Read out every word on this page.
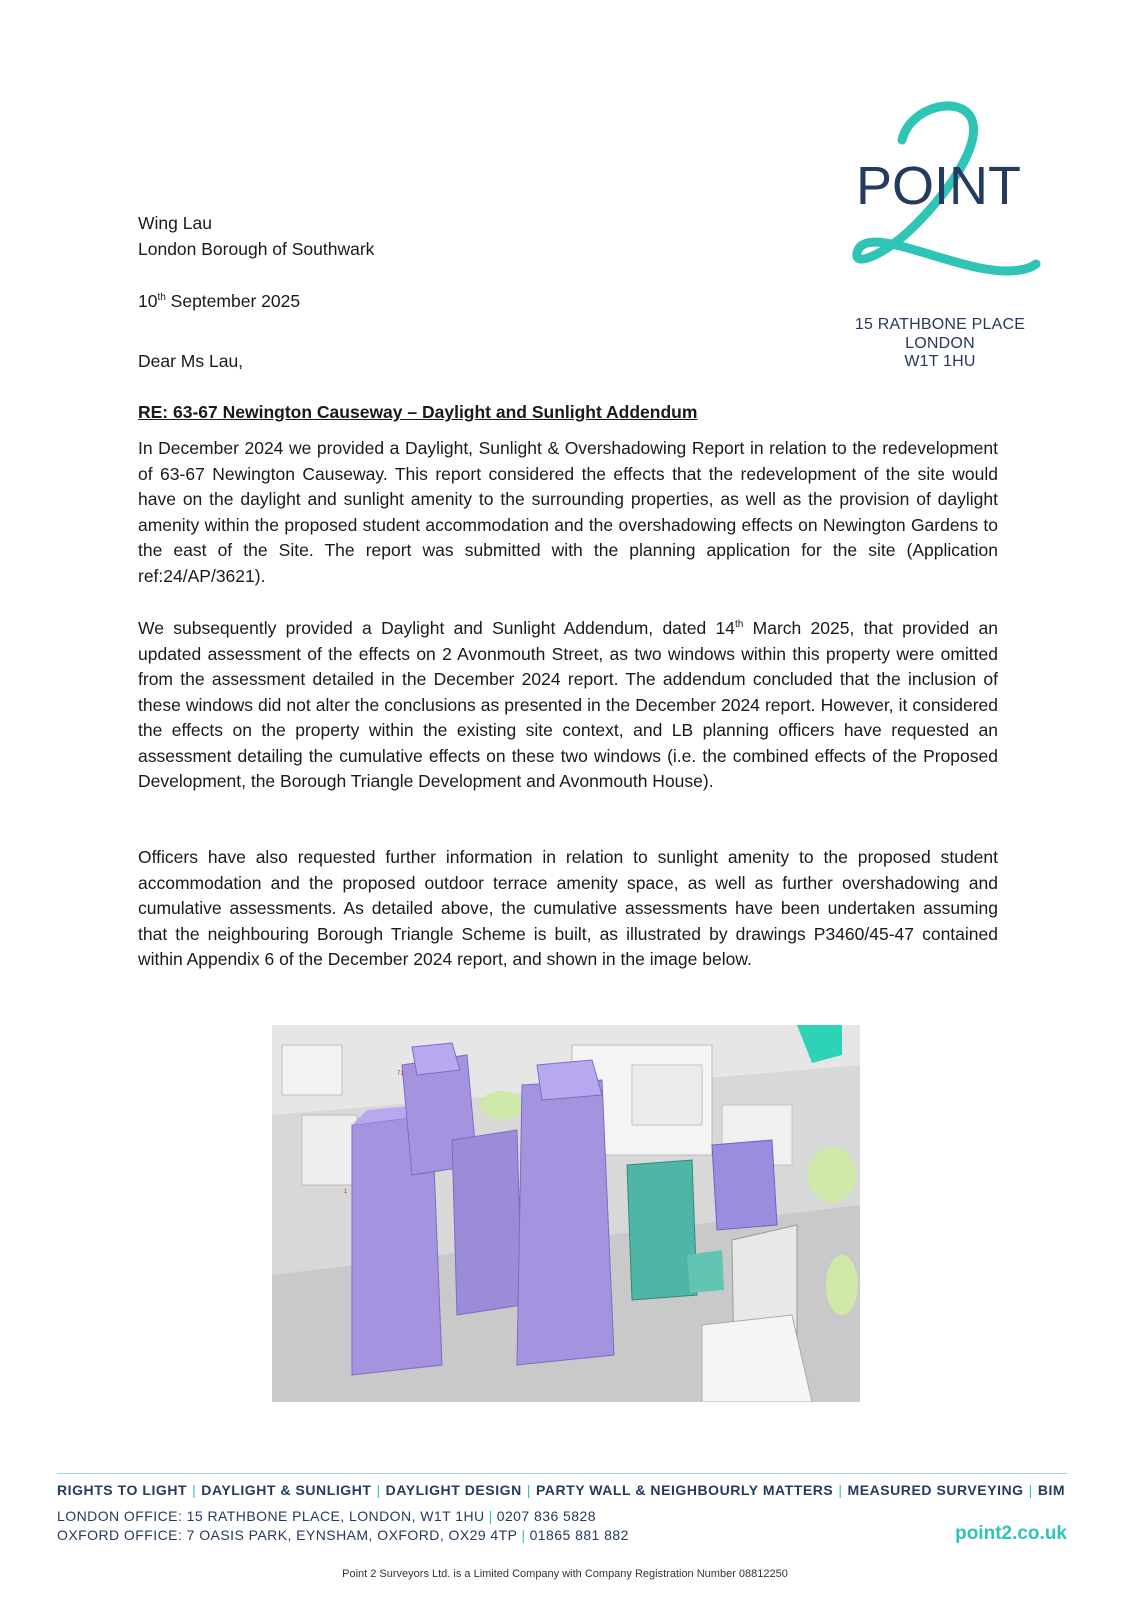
POINT
15 RATHBONE PLACE
LONDON
W1T 1HU
Wing Lau
London Borough of Southwark
10th September 2025
Dear Ms Lau,
RE: 63-67 Newington Causeway – Daylight and Sunlight Addendum
In December 2024 we provided a Daylight, Sunlight & Overshadowing Report in relation to the redevelopment of 63-67 Newington Causeway. This report considered the effects that the redevelopment of the site would have on the daylight and sunlight amenity to the surrounding properties, as well as the provision of daylight amenity within the proposed student accommodation and the overshadowing effects on Newington Gardens to the east of the Site. The report was submitted with the planning application for the site (Application ref:24/AP/3621).
We subsequently provided a Daylight and Sunlight Addendum, dated 14th March 2025, that provided an updated assessment of the effects on 2 Avonmouth Street, as two windows within this property were omitted from the assessment detailed in the December 2024 report. The addendum concluded that the inclusion of these windows did not alter the conclusions as presented in the December 2024 report. However, it considered the effects on the property within the existing site context, and LB planning officers have requested an assessment detailing the cumulative effects on these two windows (i.e. the combined effects of the Proposed Development, the Borough Triangle Development and Avonmouth House).
Officers have also requested further information in relation to sunlight amenity to the proposed student accommodation and the proposed outdoor terrace amenity space, as well as further overshadowing and cumulative assessments. As detailed above, the cumulative assessments have been undertaken assuming that the neighbouring Borough Triangle Scheme is built, as illustrated by drawings P3460/45-47 contained within Appendix 6 of the December 2024 report, and shown in the image below.
71​
1​
RIGHTS TO LIGHT | DAYLIGHT & SUNLIGHT | DAYLIGHT DESIGN | PARTY WALL & NEIGHBOURLY MATTERS | MEASURED SURVEYING | BIM
LONDON OFFICE: 15 RATHBONE PLACE, LONDON, W1T 1HU | 0207 836 5828
OXFORD OFFICE: 7 OASIS PARK, EYNSHAM, OXFORD, OX29 4TP | 01865 881 882	point2.co.uk
Point 2 Surveyors Ltd. is a Limited Company with Company Registration Number 08812250
